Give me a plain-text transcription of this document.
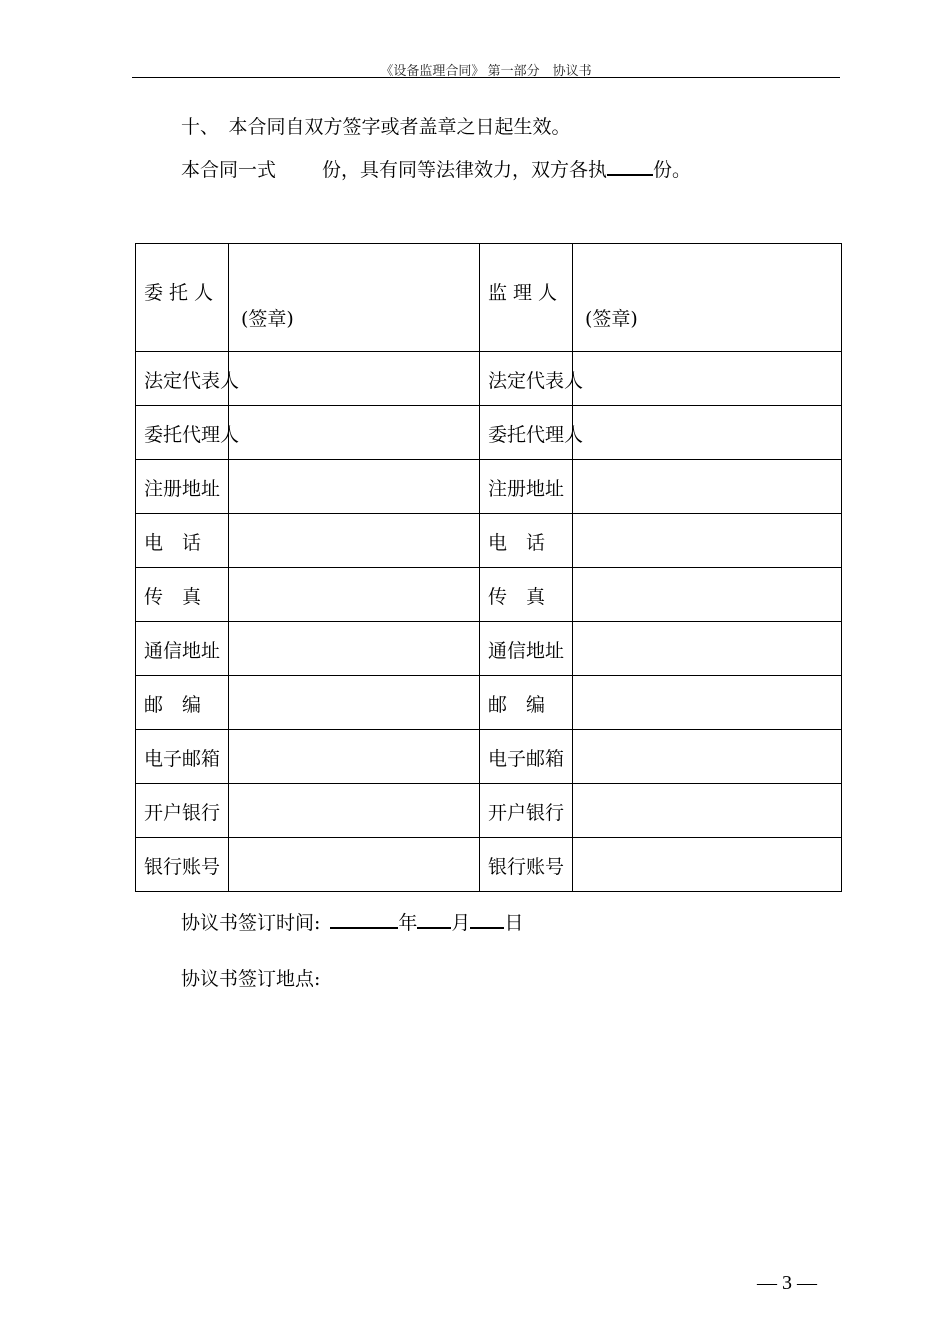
《设备监理合同》 第一部分　协议书
十、　本合同自双方签字或者盖章之日起生效。
本合同一式 份，具有同等法律效力，双方各执 份。
委托人	(签章)	监理人	(签章)

法定代表人		法定代表人	

委托代理人		委托代理人	

注册地址		注册地址	

电　话		电　话	

传　真		传　真	

通信地址		通信地址	

邮　编		邮　编	

电子邮箱		电子邮箱	

开户银行		开户银行	

银行账号		银行账号	

协议书签订时间:	年 月 日
协议书签订地点:
— 3 —
